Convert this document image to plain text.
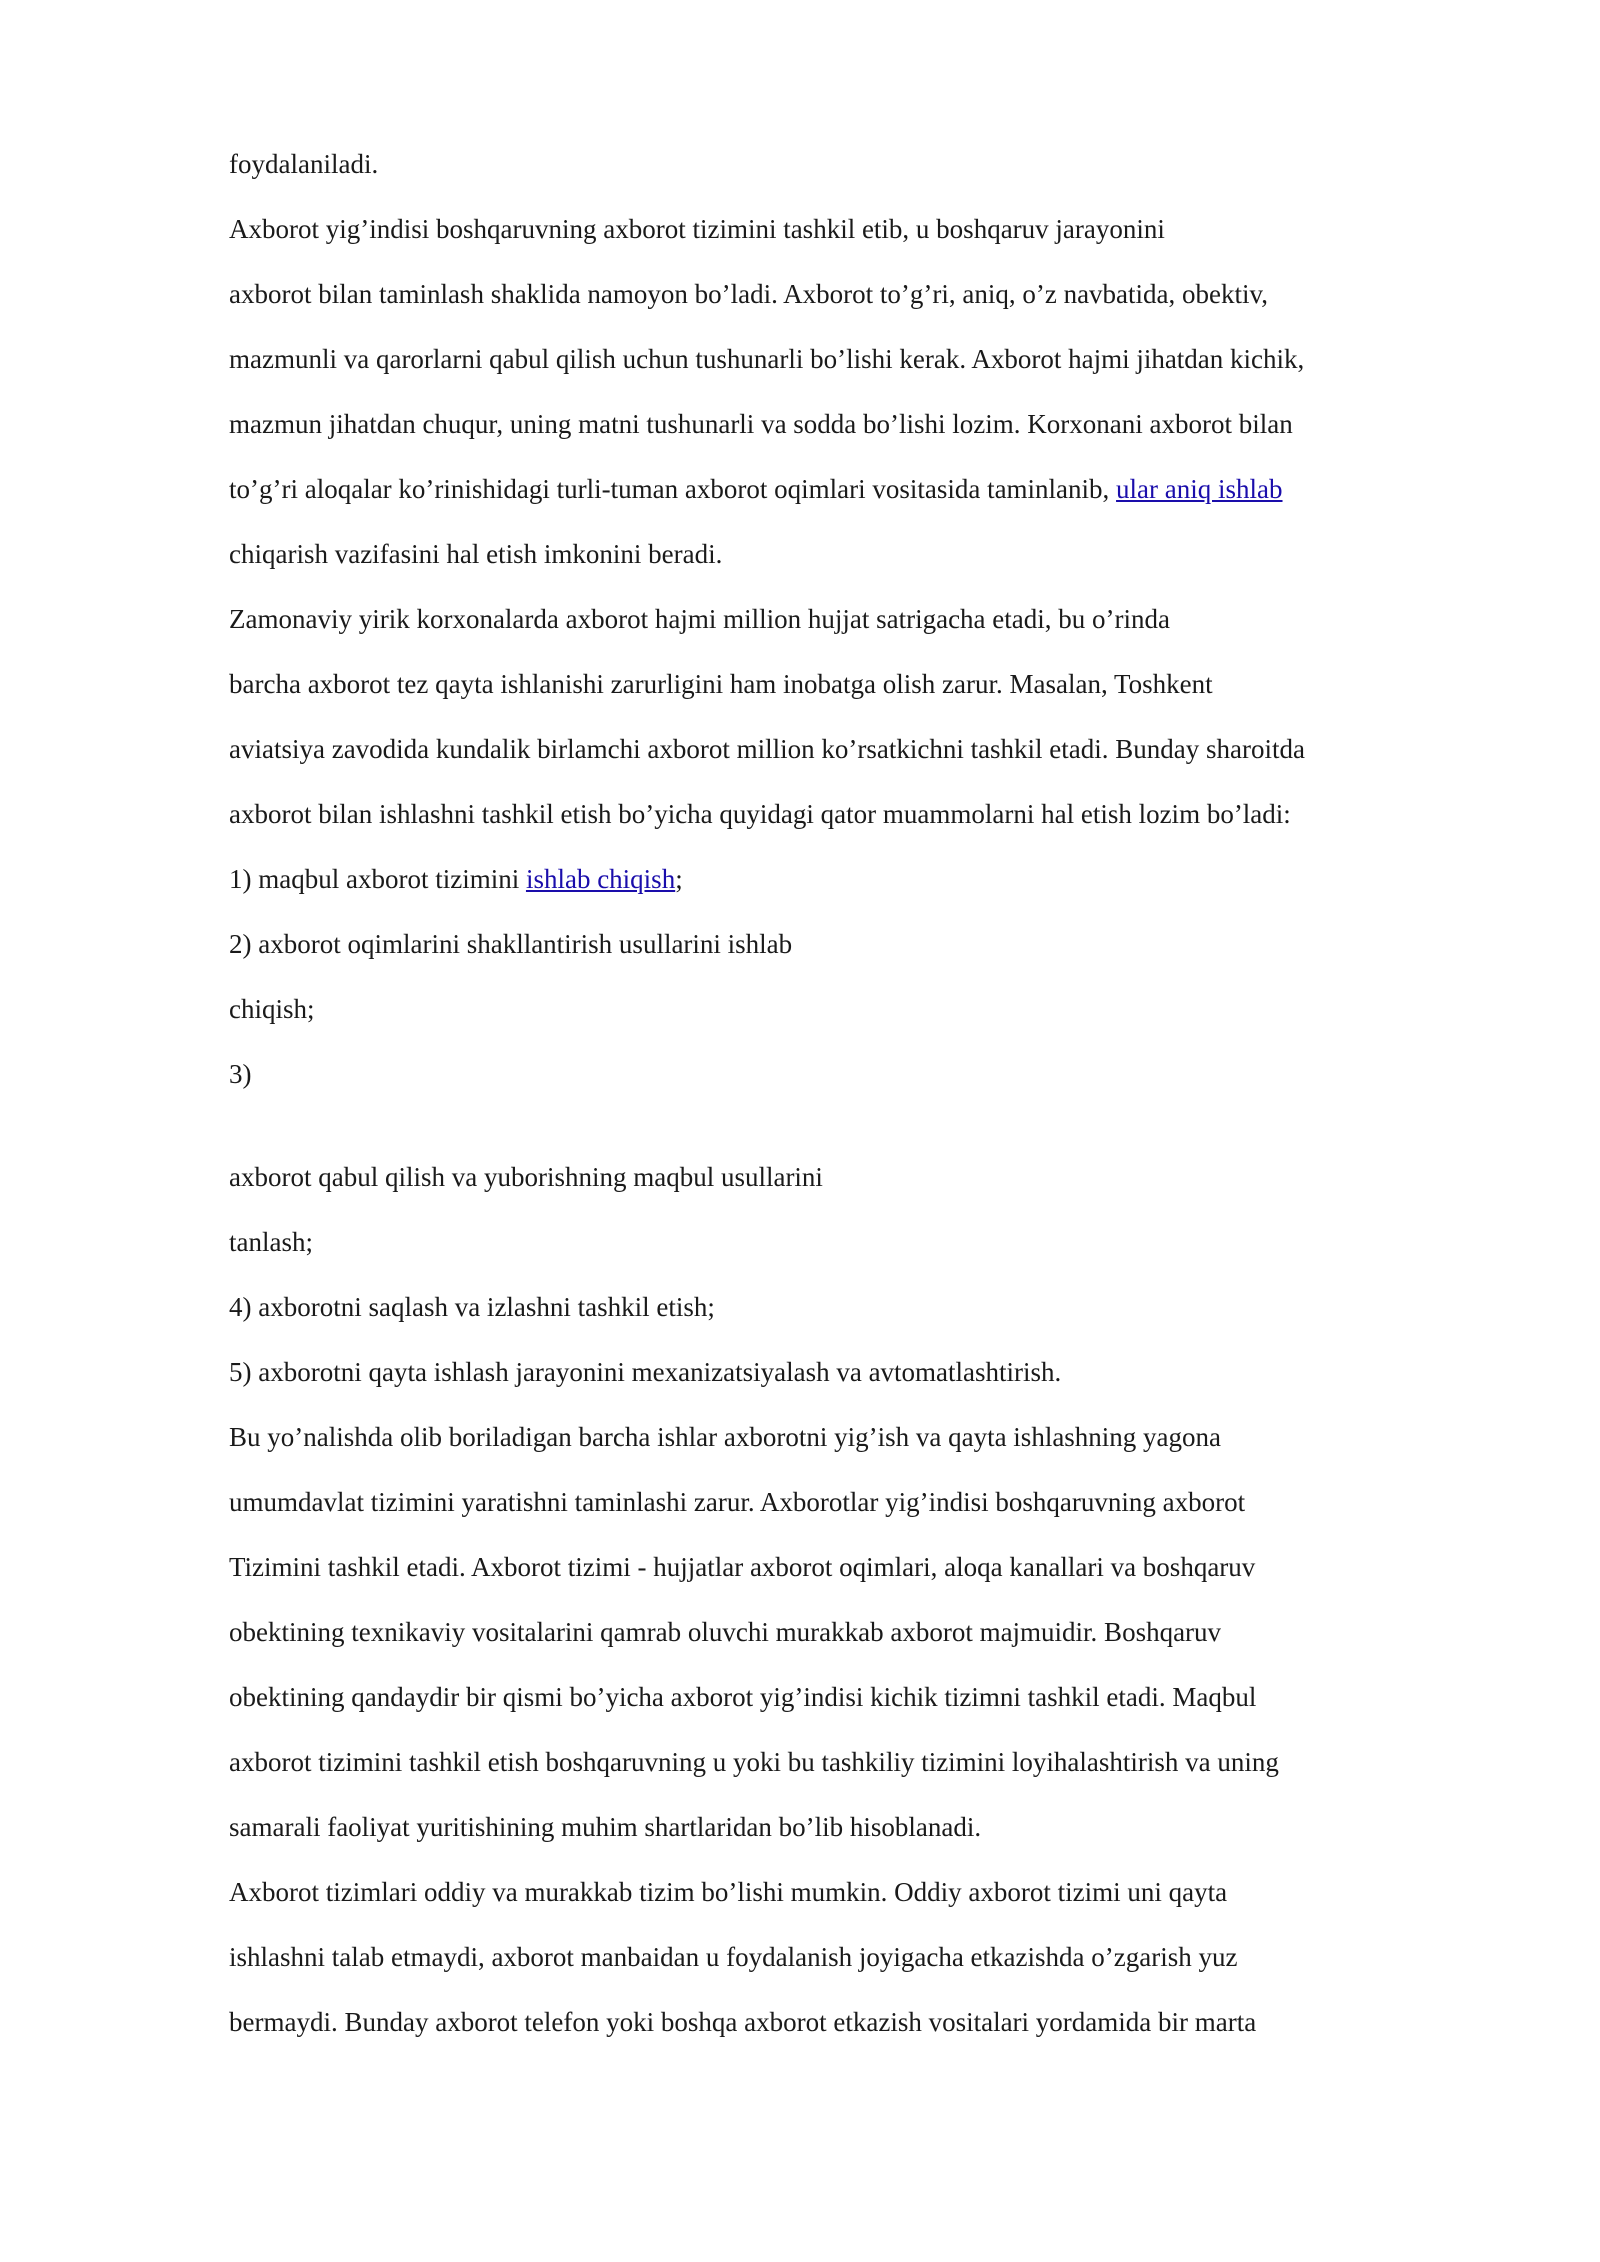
foydalaniladi.
Axborot yig’indisi boshqaruvning axborot tizimini tashkil etib, u boshqaruv jarayonini
axborot bilan taminlash shaklida namoyon bo’ladi. Axborot to’g’ri, aniq, o’z navbatida, obektiv,
mazmunli va qarorlarni qabul qilish uchun tushunarli bo’lishi kerak. Axborot hajmi jihatdan kichik,
mazmun jihatdan chuqur, uning matni tushunarli va sodda bo’lishi lozim. Korxonani axborot bilan
to’g’ri aloqalar ko’rinishidagi turli-tuman axborot oqimlari vositasida taminlanib, ular aniq ishlab
chiqarish vazifasini hal etish imkonini beradi.
Zamonaviy yirik korxonalarda axborot hajmi million hujjat satrigacha etadi, bu o’rinda
barcha axborot tez qayta ishlanishi zarurligini ham inobatga olish zarur. Masalan, Toshkent
aviatsiya zavodida kundalik birlamchi axborot million ko’rsatkichni tashkil etadi. Bunday sharoitda
axborot bilan ishlashni tashkil etish bo’yicha quyidagi qator muammolarni hal etish lozim bo’ladi:
1) maqbul axborot tizimini ishlab chiqish;
2) axborot oqimlarini shakllantirish usullarini ishlab
chiqish;
3)
axborot qabul qilish va yuborishning maqbul usullarini
tanlash;
4) axborotni saqlash va izlashni tashkil etish;
5) axborotni qayta ishlash jarayonini mexanizatsiyalash va avtomatlashtirish.
Bu yo’nalishda olib boriladigan barcha ishlar axborotni yig’ish va qayta ishlashning yagona
umumdavlat tizimini yaratishni taminlashi zarur. Axborotlar yig’indisi boshqaruvning axborot
Tizimini tashkil etadi. Axborot tizimi - hujjatlar axborot oqimlari, aloqa kanallari va boshqaruv
obektining texnikaviy vositalarini qamrab oluvchi murakkab axborot majmuidir. Boshqaruv
obektining qandaydir bir qismi bo’yicha axborot yig’indisi kichik tizimni tashkil etadi. Maqbul
axborot tizimini tashkil etish boshqaruvning u yoki bu tashkiliy tizimini loyihalashtirish va uning
samarali faoliyat yuritishining muhim shartlaridan bo’lib hisoblanadi.
Axborot tizimlari oddiy va murakkab tizim bo’lishi mumkin. Oddiy axborot tizimi uni qayta
ishlashni talab etmaydi, axborot manbaidan u foydalanish joyigacha etkazishda o’zgarish yuz
bermaydi. Bunday axborot telefon yoki boshqa axborot etkazish vositalari yordamida bir marta
